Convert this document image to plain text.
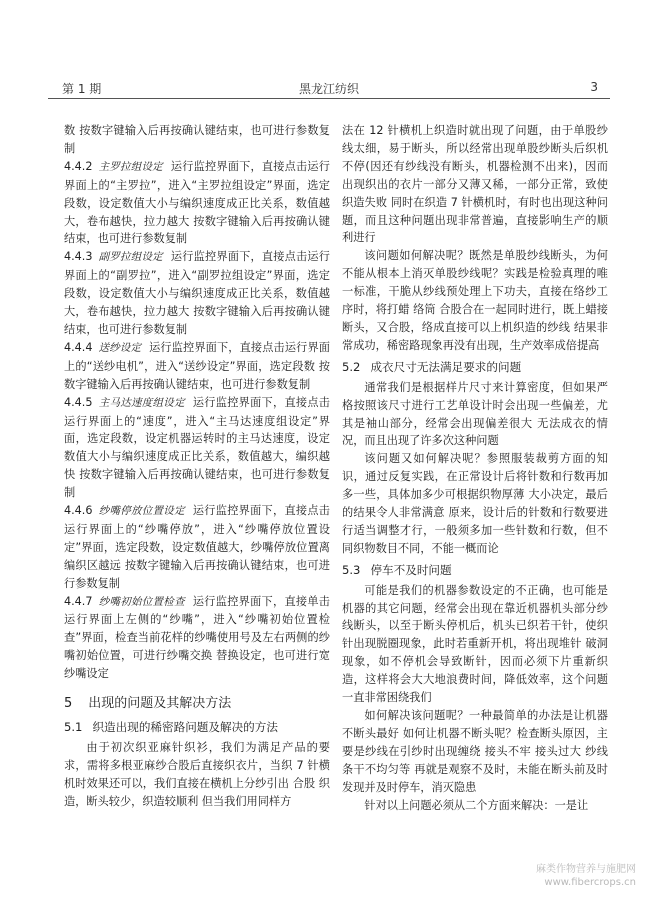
第 1 期	黑龙江纺织	3

数 按数字键输入后再按确认键结束，也可进行参数复制

4.4.2 主罗拉组设定 运行监控界面下，直接点击运行界面上的“主罗拉”，进入“主罗拉组设定”界面，选定段数，设定数值大小与编织速度成正比关系，数值越大，卷布越快，拉力越大 按数字键输入后再按确认键结束，也可进行参数复制

4.4.3 副罗拉组设定 运行监控界面下，直接点击运行界面上的“副罗拉”，进入“副罗拉组设定”界面，选定段数，设定数值大小与编织速度成正比关系，数值越大，卷布越快，拉力越大 按数字键输入后再按确认键结束，也可进行参数复制

4.4.4 送纱设定 运行监控界面下，直接点击运行界面上的“送纱电机”，进入“送纱设定”界面，选定段数 按数字键输入后再按确认键结束，也可进行参数复制

4.4.5 主马达速度组设定 运行监控界面下，直接点击运行界面上的“速度”，进入“主马达速度组设定”界面，选定段数，设定机器运转时的主马达速度，设定数值大小与编织速度成正比关系，数值越大，编织越快 按数字键输入后再按确认键结束，也可进行参数复制

4.4.6 纱嘴停放位置设定 运行监控界面下，直接点击运行界面上的“纱嘴停放”，进入“纱嘴停放位置设定”界面，选定段数，设定数值越大，纱嘴停放位置离编织区越远 按数字键输入后再按确认键结束，也可进行参数复制

4.4.7 纱嘴初始位置检查 运行监控界面下，直接单击运行界面上左侧的“纱嘴”，进入“纱嘴初始位置检查”界面，检查当前花样的纱嘴使用号及左右两侧的纱嘴初始位置，可进行纱嘴交换 替换设定，也可进行宽纱嘴设定

5 出现的问题及其解决方法
5.1 织造出现的稀密路问题及解决的方法

由于初次织亚麻针织衫，我们为满足产品的要求，需将多根亚麻纱合股后直接织衣片，当织 7 针横机时效果还可以，我们直接在横机上分纱引出 合股 织造，断头较少，织造较顺利 但当我们用同样方

法在 12 针横机上织造时就出现了问题，由于单股纱线太细，易于断头，所以经常出现单股纱断头后织机不停(因还有纱线没有断头，机器检测不出来)，因而出现织出的衣片一部分又薄又稀，一部分正常，致使织造失败 同时在织造 7 针横机时，有时也出现这种问题，而且这种问题出现非常普遍，直接影响生产的顺利进行

该问题如何解决呢？既然是单股纱线断头，为何不能从根本上消灭单股纱线呢？实践是检验真理的唯一标准，干脆从纱线预处理上下功夫，直接在络纱工序时，将打蜡 络筒 合股合在一起同时进行，既上蜡接断头，又合股，络成直接可以上机织造的纱线 结果非常成功，稀密路现象再没有出现，生产效率成倍提高

5.2 成衣尺寸无法满足要求的问题

通常我们是根据样片尺寸来计算密度，但如果严格按照该尺寸进行工艺单设计时会出现一些偏差，尤其是袖山部分，经常会出现偏差很大 无法成衣的情况，而且出现了许多次这种问题

该问题又如何解决呢？参照服装裁剪方面的知识，通过反复实践，在正常设计后将针数和行数再加多一些，具体加多少可根据织物厚薄 大小决定，最后的结果令人非常满意 原来，设计后的针数和行数要进行适当调整才行，一般须多加一些针数和行数，但不同织物数目不同，不能一概而论

5.3 停车不及时问题

可能是我们的机器参数设定的不正确，也可能是机器的其它问题，经常会出现在靠近机器机头部分纱线断头，以至于断头停机后，机头已织若干针，使织针出现脱圈现象，此时若重新开机，将出现堆针 破洞现象，如不停机会导致断针，因而必须下片重新织造，这样将会大大地浪费时间，降低效率，这个问题一直非常困绕我们

如何解决该问题呢？一种最简单的办法是让机器不断头最好 如何让机器不断头呢？检查断头原因，主要是纱线在引纱时出现缠绕 接头不牢 接头过大 纱线条干不均匀等 再就是观察不及时，未能在断头前及时发现并及时停车，消灭隐患

针对以上问题必须从二个方面来解决：一是让

麻类作物营养与施肥网
www.fibercrops.cn
